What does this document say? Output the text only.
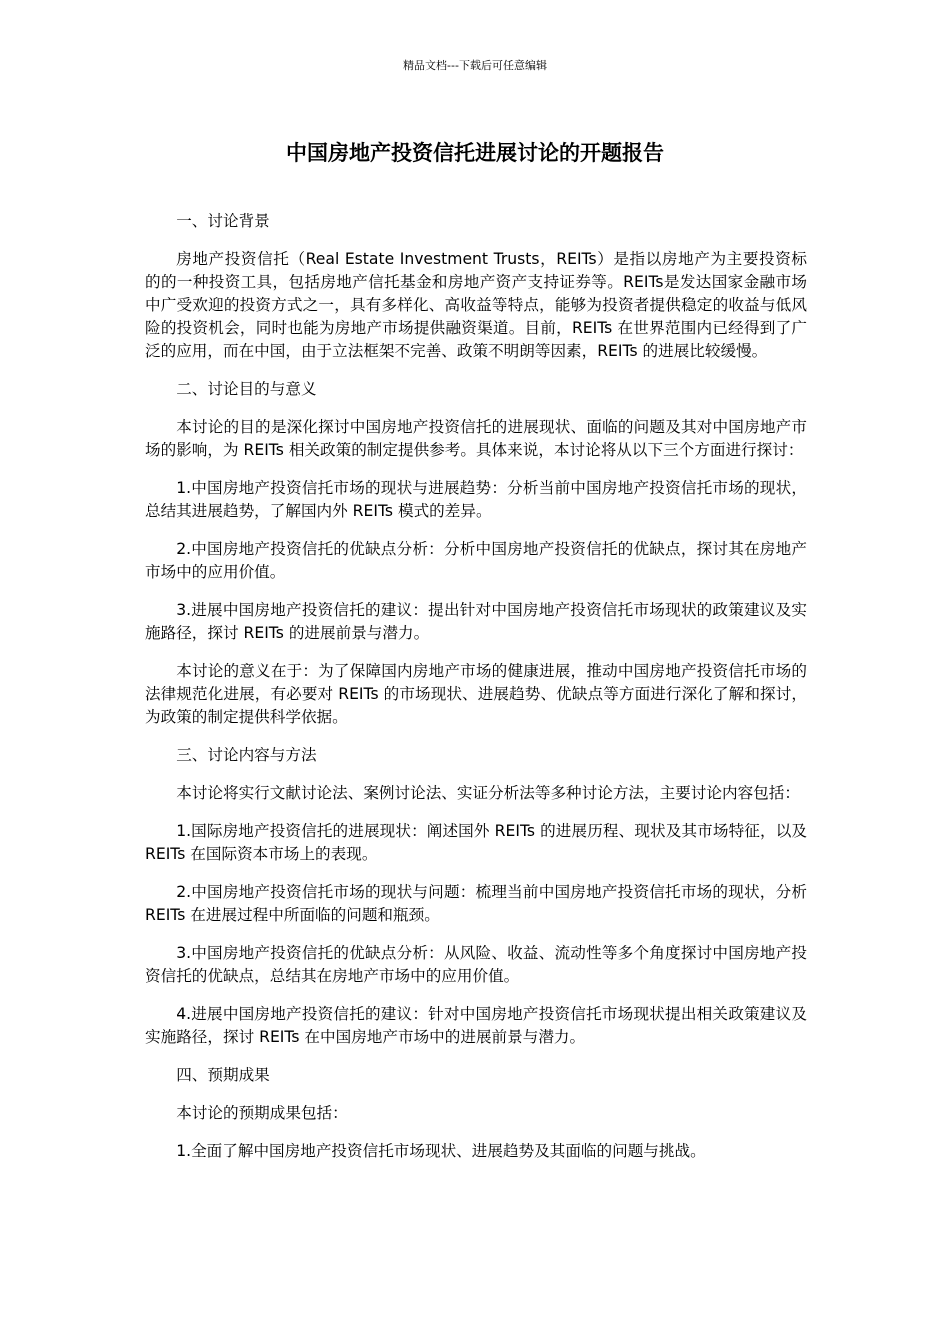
精品文档---下载后可任意编辑
中国房地产投资信托进展讨论的开题报告

一、讨论背景

房地产投资信托（Real Estate Investment Trusts，REITs）是指以房地产为主要投资标的的一种投资工具，包括房地产信托基金和房地产资产支持证券等。REITs是发达国家金融市场中广受欢迎的投资方式之一，具有多样化、高收益等特点，能够为投资者提供稳定的收益与低风险的投资机会，同时也能为房地产市场提供融资渠道。目前，REITs 在世界范围内已经得到了广泛的应用，而在中国，由于立法框架不完善、政策不明朗等因素，REITs 的进展比较缓慢。

二、讨论目的与意义

本讨论的目的是深化探讨中国房地产投资信托的进展现状、面临的问题及其对中国房地产市场的影响，为 REITs 相关政策的制定提供参考。具体来说，本讨论将从以下三个方面进行探讨：

1.中国房地产投资信托市场的现状与进展趋势：分析当前中国房地产投资信托市场的现状，总结其进展趋势，了解国内外 REITs 模式的差异。

2.中国房地产投资信托的优缺点分析：分析中国房地产投资信托的优缺点，探讨其在房地产市场中的应用价值。

3.进展中国房地产投资信托的建议：提出针对中国房地产投资信托市场现状的政策建议及实施路径，探讨 REITs 的进展前景与潜力。

本讨论的意义在于：为了保障国内房地产市场的健康进展，推动中国房地产投资信托市场的法律规范化进展，有必要对 REITs 的市场现状、进展趋势、优缺点等方面进行深化了解和探讨，为政策的制定提供科学依据。

三、讨论内容与方法

本讨论将实行文献讨论法、案例讨论法、实证分析法等多种讨论方法，主要讨论内容包括：

1.国际房地产投资信托的进展现状：阐述国外 REITs 的进展历程、现状及其市场特征，以及 REITs 在国际资本市场上的表现。

2.中国房地产投资信托市场的现状与问题：梳理当前中国房地产投资信托市场的现状，分析 REITs 在进展过程中所面临的问题和瓶颈。

3.中国房地产投资信托的优缺点分析：从风险、收益、流动性等多个角度探讨中国房地产投资信托的优缺点，总结其在房地产市场中的应用价值。

4.进展中国房地产投资信托的建议：针对中国房地产投资信托市场现状提出相关政策建议及实施路径，探讨 REITs 在中国房地产市场中的进展前景与潜力。

四、预期成果

本讨论的预期成果包括：

1.全面了解中国房地产投资信托市场现状、进展趋势及其面临的问题与挑战。
